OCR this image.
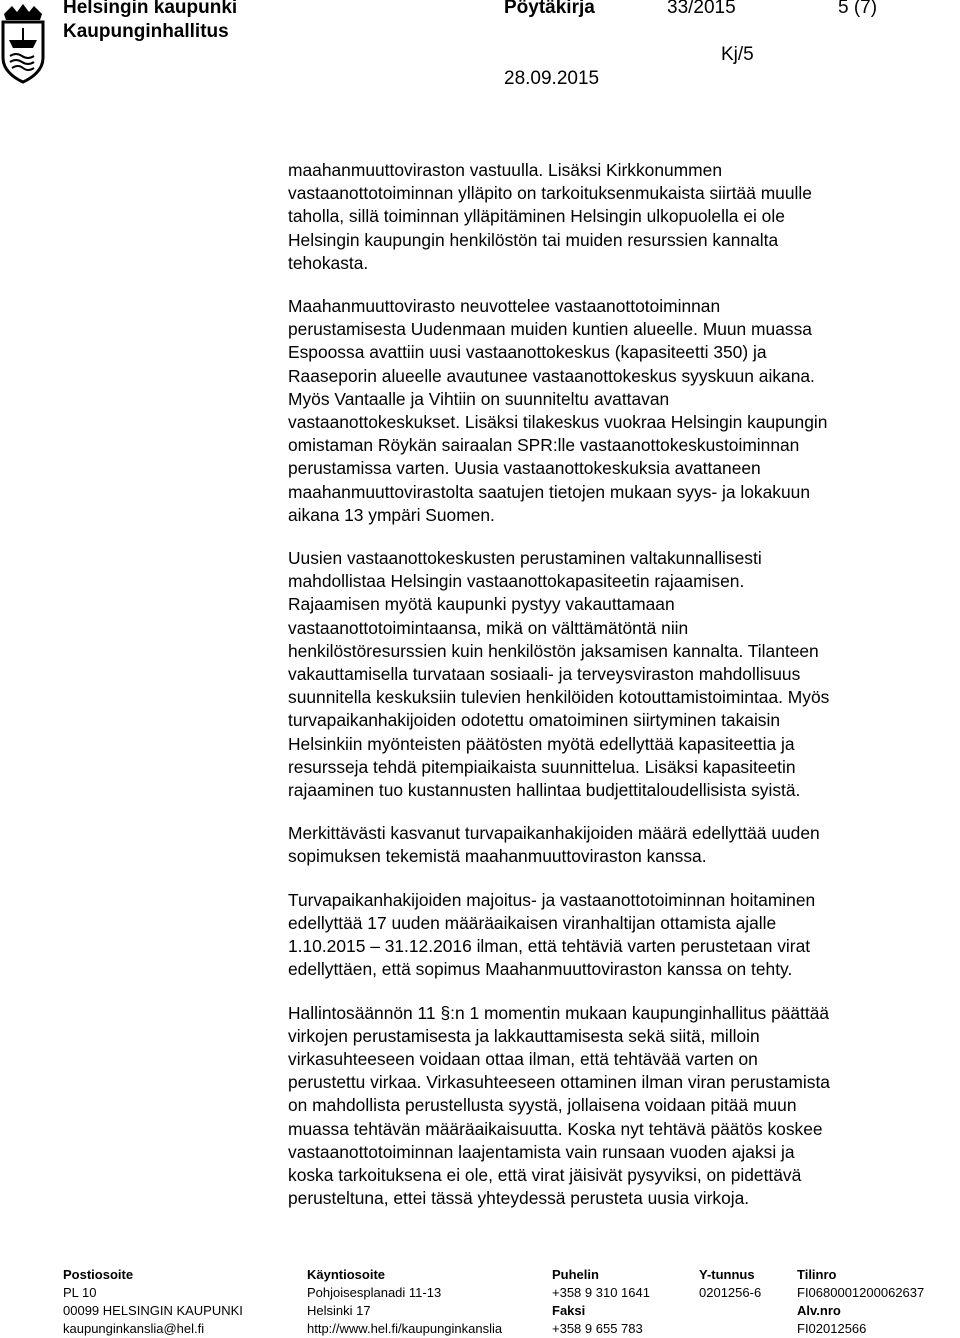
Helsingin kaupunki
Kaupunginhallitus
Pöytäkirja	33/2015	5 (7)
Kj/5
28.09.2015

maahanmuuttoviraston vastuulla. Lisäksi Kirkkonummen
vastaanottotoiminnan ylläpito on tarkoituksenmukaista siirtää muulle
taholla, sillä toiminnan ylläpitäminen Helsingin ulkopuolella ei ole
Helsingin kaupungin henkilöstön tai muiden resurssien kannalta
tehokasta.

Maahanmuuttovirasto neuvottelee vastaanottotoiminnan
perustamisesta Uudenmaan muiden kuntien alueelle. Muun muassa
Espoossa avattiin uusi vastaanottokeskus (kapasiteetti 350) ja
Raaseporin alueelle avautunee vastaanottokeskus syyskuun aikana.
Myös Vantaalle ja Vihtiin on suunniteltu avattavan
vastaanottokeskukset. Lisäksi tilakeskus vuokraa Helsingin kaupungin
omistaman Röykän sairaalan SPR:lle vastaanottokeskustoiminnan
perustamissa varten. Uusia vastaanottokeskuksia avattaneen
maahanmuuttovirastolta saatujen tietojen mukaan syys- ja lokakuun
aikana 13 ympäri Suomen.

Uusien vastaanottokeskusten perustaminen valtakunnallisesti
mahdollistaa Helsingin vastaanottokapasiteetin rajaamisen.
Rajaamisen myötä kaupunki pystyy vakauttamaan
vastaanottotoimintaansa, mikä on välttämätöntä niin
henkilöstöresurssien kuin henkilöstön jaksamisen kannalta. Tilanteen
vakauttamisella turvataan sosiaali- ja terveysviraston mahdollisuus
suunnitella keskuksiin tulevien henkilöiden kotouttamistoimintaa. Myös
turvapaikanhakijoiden odotettu omatoiminen siirtyminen takaisin
Helsinkiin myönteisten päätösten myötä edellyttää kapasiteettia ja
resursseja tehdä pitempiaikaista suunnittelua. Lisäksi kapasiteetin
rajaaminen tuo kustannusten hallintaa budjettitaloudellisista syistä.

Merkittävästi kasvanut turvapaikanhakijoiden määrä edellyttää uuden
sopimuksen tekemistä maahanmuuttoviraston kanssa.

Turvapaikanhakijoiden majoitus- ja vastaanottotoiminnan hoitaminen
edellyttää 17 uuden määräaikaisen viranhaltijan ottamista ajalle
1.10.2015 – 31.12.2016 ilman, että tehtäviä varten perustetaan virat
edellyttäen, että sopimus Maahanmuuttoviraston kanssa on tehty.

Hallintosäännön 11 §:n 1 momentin mukaan kaupunginhallitus päättää
virkojen perustamisesta ja lakkauttamisesta sekä siitä, milloin
virkasuhteeseen voidaan ottaa ilman, että tehtävää varten on
perustettu virkaa. Virkasuhteeseen ottaminen ilman viran perustamista
on mahdollista perustellusta syystä, jollaisena voidaan pitää muun
muassa tehtävän määräaikaisuutta. Koska nyt tehtävä päätös koskee
vastaanottotoiminnan laajentamista vain runsaan vuoden ajaksi ja
koska tarkoituksena ei ole, että virat jäisivät pysyviksi, on pidettävä
perusteltuna, ettei tässä yhteydessä perusteta uusia virkoja.

Postiosoite
PL 10
00099 HELSINGIN KAUPUNKI
kaupunginkanslia@hel.fi
Käyntiosoite
Pohjoisesplanadi 11-13
Helsinki 17
http://www.hel.fi/kaupunginkanslia
Puhelin
+358 9 310 1641
Faksi
+358 9 655 783
Y-tunnus
0201256-6
Tilinro
FI0680001200062637
Alv.nro
FI02012566
